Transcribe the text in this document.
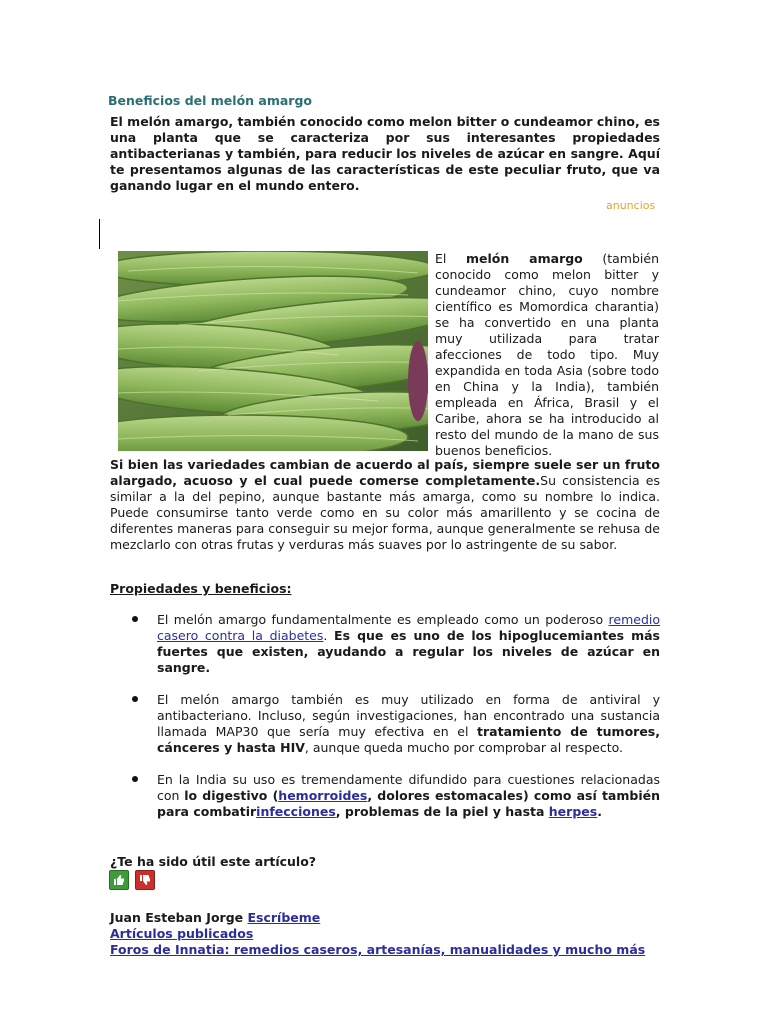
Beneficios del melón amargo

El melón amargo, también conocido como melon bitter o cundeamor chino, es una planta que se caracteriza por sus interesantes propiedades antibacterianas y también, para reducir los niveles de azúcar en sangre. Aquí te presentamos algunas de las características de este peculiar fruto, que va ganando lugar en el mundo entero.

anuncios

El melón amargo (también conocido como melon bitter y cundeamor chino, cuyo nombre científico es Momordica charantia) se ha convertido en una planta muy utilizada para tratar afecciones de todo tipo. Muy expandida en toda Asia (sobre todo en China y la India), también empleada en África, Brasil y el Caribe, ahora se ha introducido al resto del mundo de la mano de sus buenos beneficios.

Si bien las variedades cambian de acuerdo al país, siempre suele ser un fruto alargado, acuoso y el cual puede comerse completamente.Su consistencia es similar a la del pepino, aunque bastante más amarga, como su nombre lo indica. Puede consumirse tanto verde como en su color más amarillento y se cocina de diferentes maneras para conseguir su mejor forma, aunque generalmente se rehusa de mezclarlo con otras frutas y verduras más suaves por lo astringente de su sabor.

Propiedades y beneficios:
El melón amargo fundamentalmente es empleado como un poderoso remedio casero contra la diabetes. Es que es uno de los hipoglucemiantes más fuertes que existen, ayudando a regular los niveles de azúcar en sangre.
El melón amargo también es muy utilizado en forma de antiviral y antibacteriano. Incluso, según investigaciones, han encontrado una sustancia llamada MAP30 que sería muy efectiva en el tratamiento de tumores, cánceres y hasta HIV, aunque queda mucho por comprobar al respecto.
En la India su uso es tremendamente difundido para cuestiones relacionadas con lo digestivo (hemorroides, dolores estomacales) como así también para combatirinfecciones, problemas de la piel y hasta herpes.
¿Te ha sido útil este artículo?
Juan Esteban Jorge Escríbeme
Artículos publicados
Foros de Innatia: remedios caseros, artesanías, manualidades y mucho más
